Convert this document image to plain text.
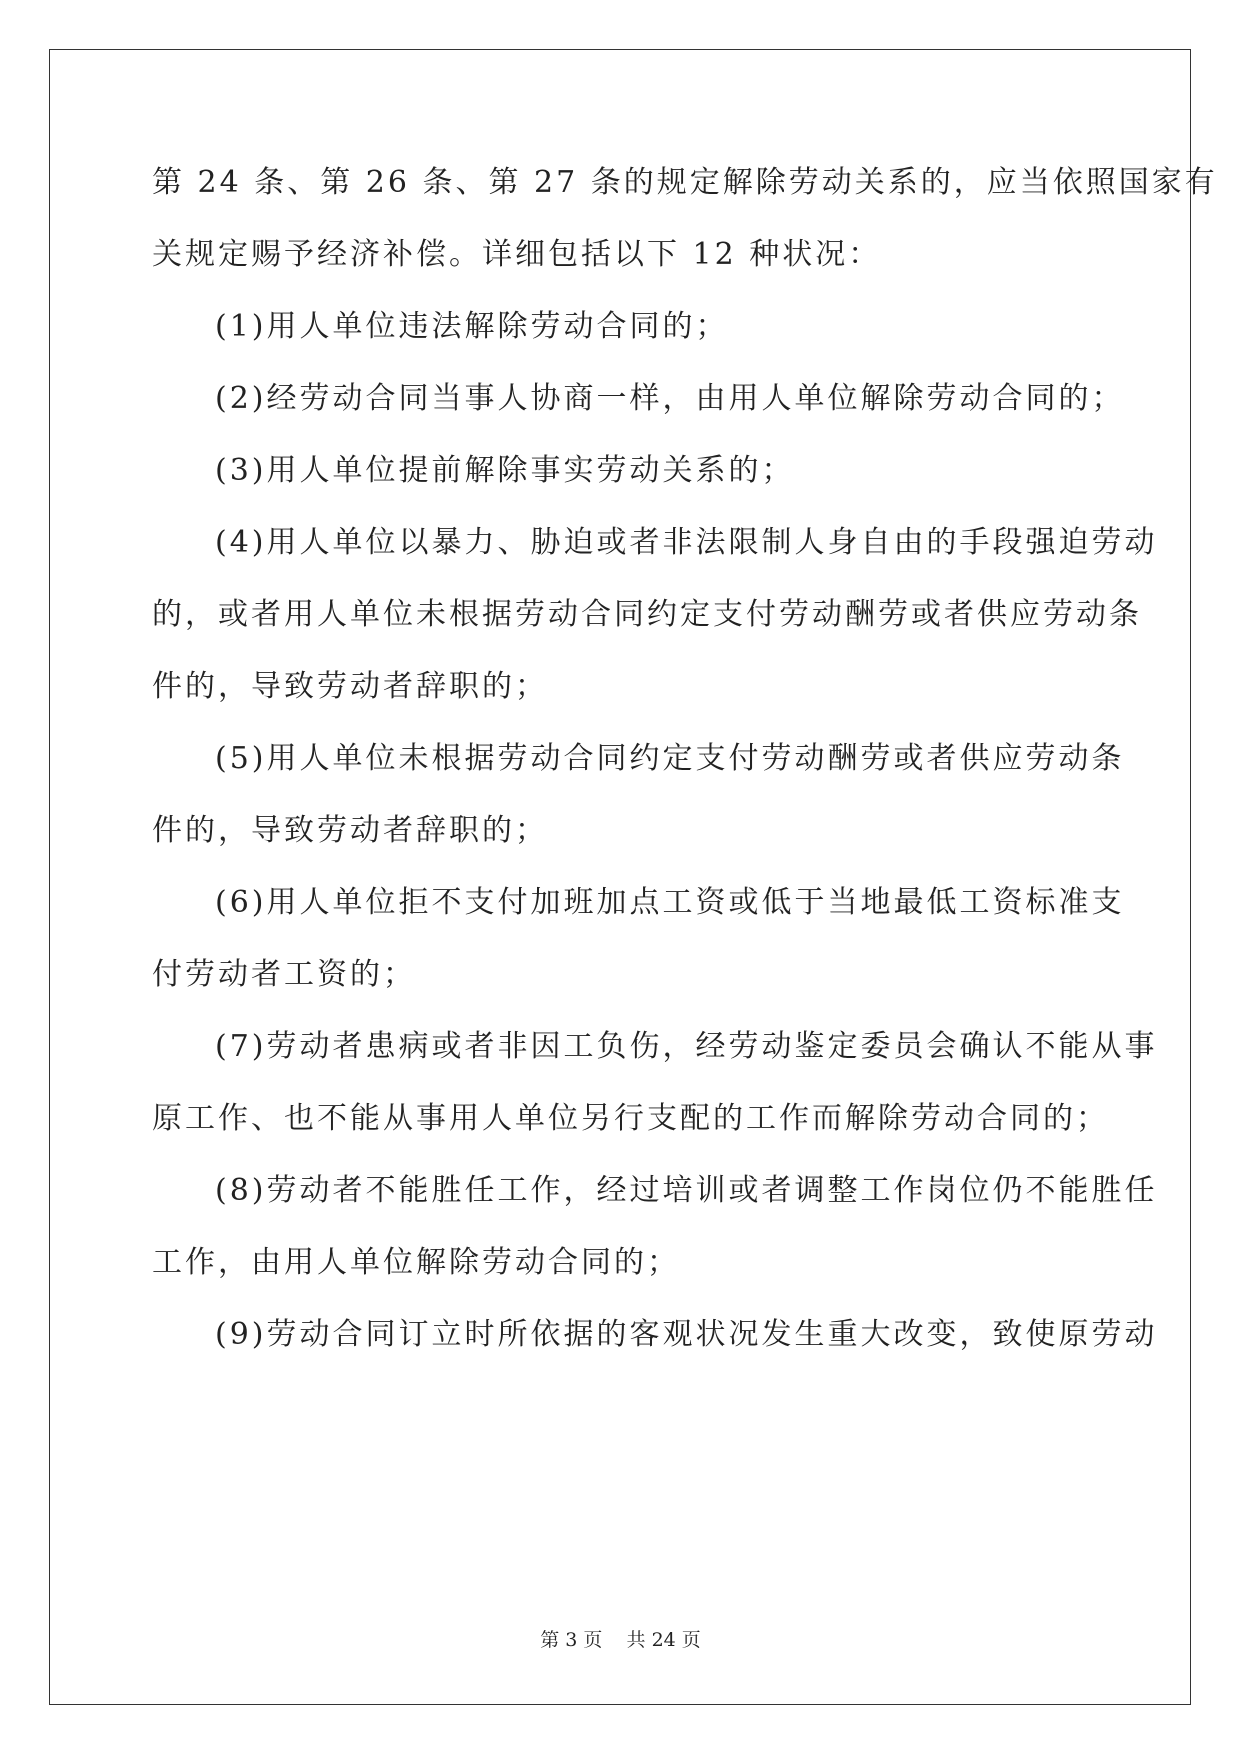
第 24 条、第 26 条、第 27 条的规定解除劳动关系的，应当依照国家有
关规定赐予经济补偿。详细包括以下 12 种状况：
(1)用人单位违法解除劳动合同的；
(2)经劳动合同当事人协商一样，由用人单位解除劳动合同的；
(3)用人单位提前解除事实劳动关系的；
(4)用人单位以暴力、胁迫或者非法限制人身自由的手段强迫劳动
的，或者用人单位未根据劳动合同约定支付劳动酬劳或者供应劳动条
件的，导致劳动者辞职的；
(5)用人单位未根据劳动合同约定支付劳动酬劳或者供应劳动条
件的，导致劳动者辞职的；
(6)用人单位拒不支付加班加点工资或低于当地最低工资标准支
付劳动者工资的；
(7)劳动者患病或者非因工负伤，经劳动鉴定委员会确认不能从事
原工作、也不能从事用人单位另行支配的工作而解除劳动合同的；
(8)劳动者不能胜任工作，经过培训或者调整工作岗位仍不能胜任
工作，由用人单位解除劳动合同的；
(9)劳动合同订立时所依据的客观状况发生重大改变，致使原劳动
第 3 页    共 24 页
